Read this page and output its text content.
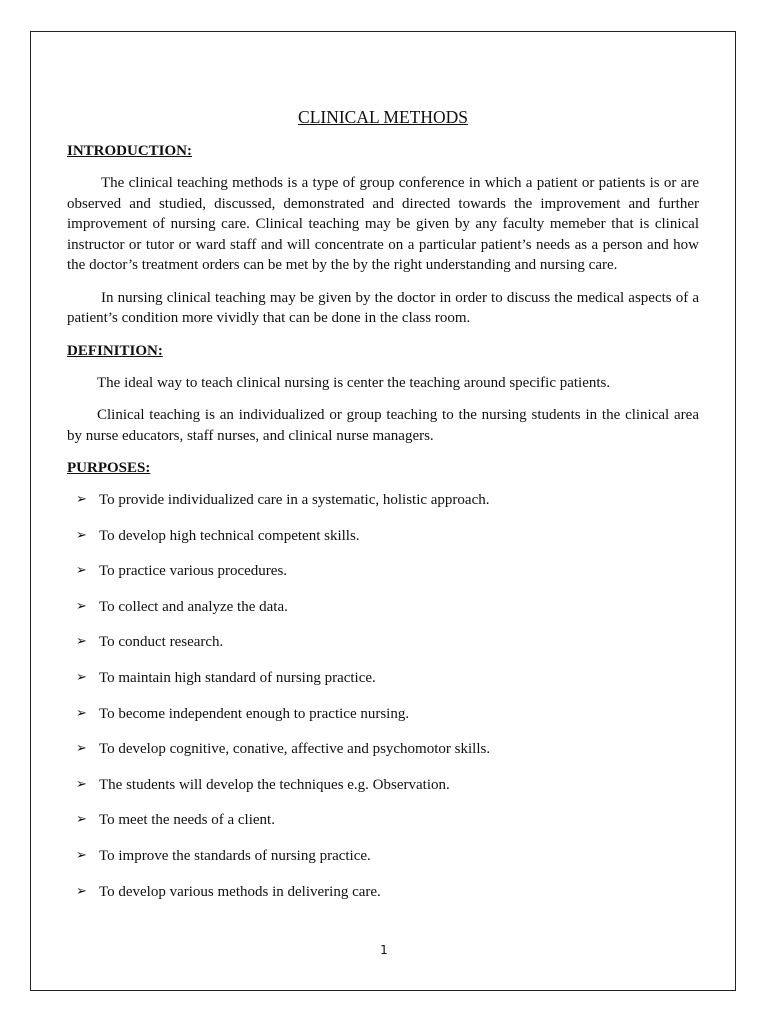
CLINICAL METHODS
INTRODUCTION:

The clinical teaching methods is a type of group conference in which a patient or patients is or are observed and studied, discussed, demonstrated and directed towards the improvement and further improvement of nursing care. Clinical teaching may be given by any faculty memeber that is clinical instructor or tutor or ward staff and will concentrate on a particular patient’s needs as a person and how the doctor’s treatment orders can be met by the by the right understanding and nursing care.

In nursing clinical teaching may be given by the doctor in order to discuss the medical aspects of a patient’s condition more vividly that can be done in the class room.

DEFINITION:

The ideal way to teach clinical nursing is center the teaching around specific patients.

Clinical teaching is an individualized or group teaching to the nursing students in the clinical area by nurse educators, staff nurses, and clinical nurse managers.

PURPOSES:
➢ To provide individualized care in a systematic, holistic approach.
➢ To develop high technical competent skills.
➢ To practice various procedures.
➢ To collect and analyze the data.
➢ To conduct research.
➢ To maintain high standard of nursing practice.
➢ To become independent enough to practice nursing.
➢ To develop cognitive, conative, affective and psychomotor skills.
➢ The students will develop the techniques e.g. Observation.
➢ To meet the needs of a client.
➢ To improve the standards of nursing practice.
➢ To develop various methods in delivering care.
1
